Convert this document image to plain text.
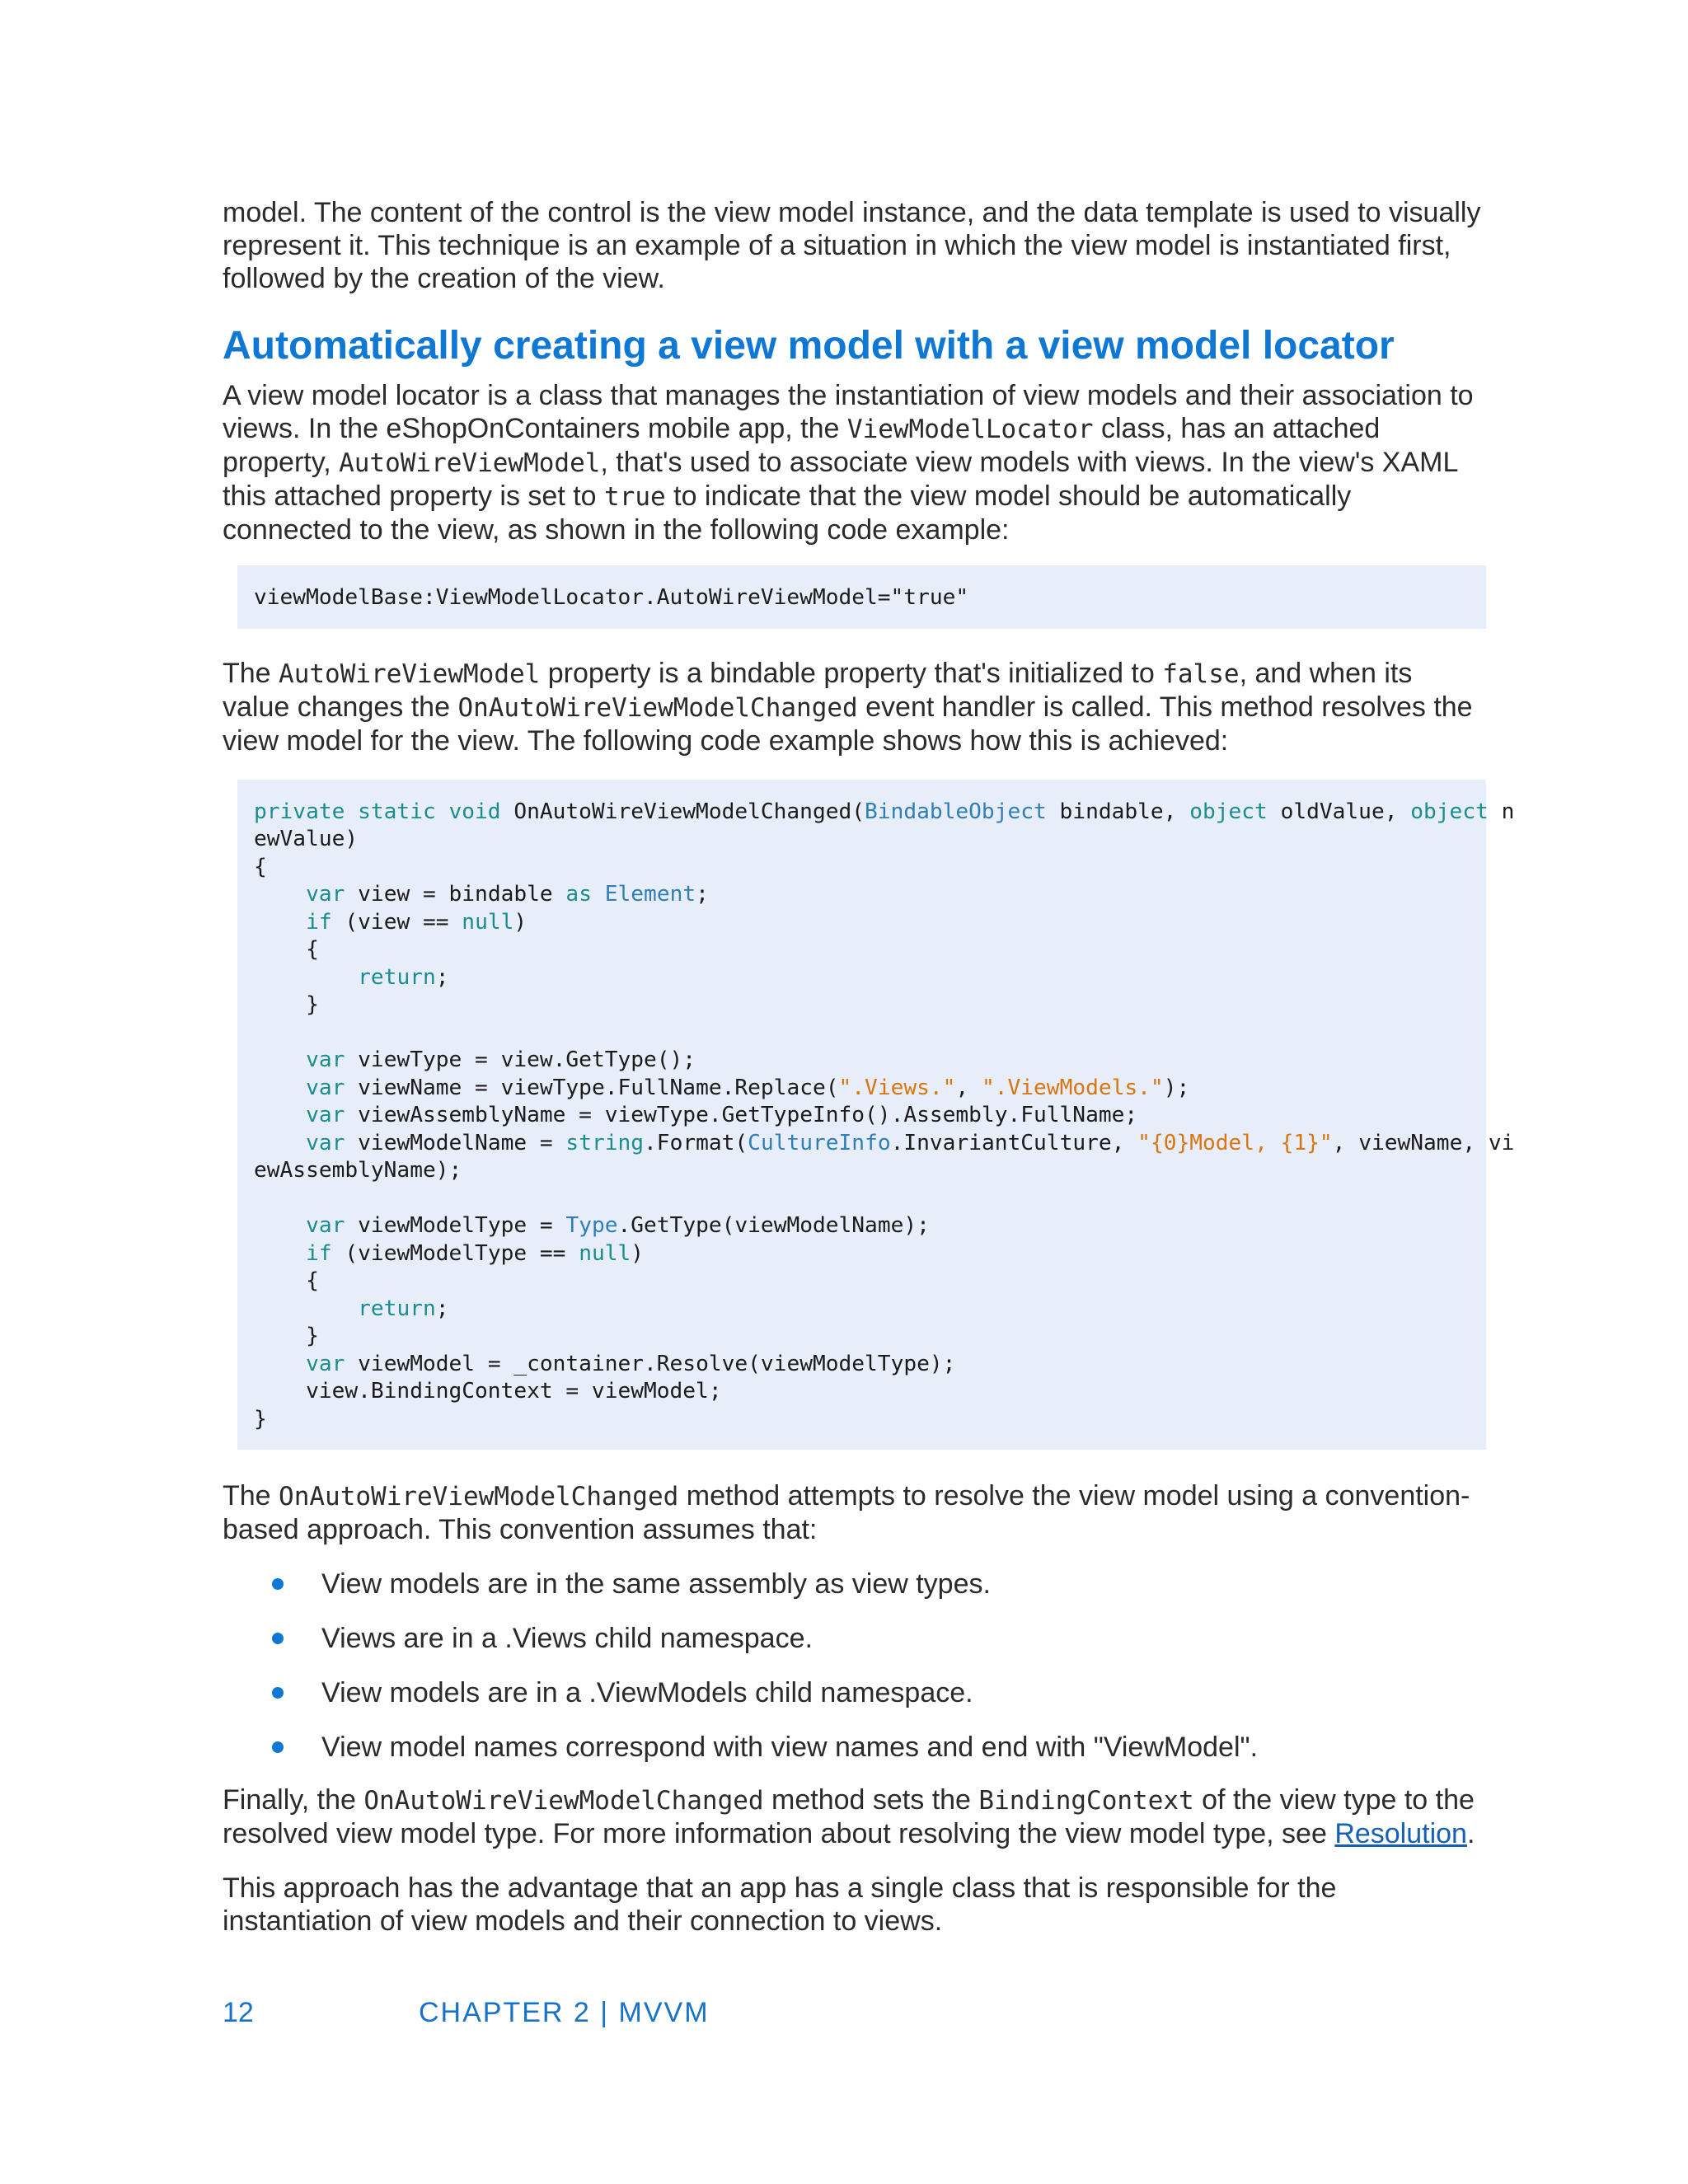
model. The content of the control is the view model instance, and the data template is used to visually represent it. This technique is an example of a situation in which the view model is instantiated first, followed by the creation of the view.

Automatically creating a view model with a view model locator

A view model locator is a class that manages the instantiation of view models and their association to views. In the eShopOnContainers mobile app, the ViewModelLocator class, has an attached property, AutoWireViewModel, that's used to associate view models with views. In the view's XAML this attached property is set to true to indicate that the view model should be automatically connected to the view, as shown in the following code example:

viewModelBase:ViewModelLocator.AutoWireViewModel="true"

The AutoWireViewModel property is a bindable property that's initialized to false, and when its value changes the OnAutoWireViewModelChanged event handler is called. This method resolves the view model for the view. The following code example shows how this is achieved:

private static void OnAutoWireViewModelChanged(BindableObject bindable, object oldValue, object n
ewValue)
{
var view = bindable as Element;
if (view == null)
{
return;
}

var viewType = view.GetType();
var viewName = viewType.FullName.Replace(".Views.", ".ViewModels.");
var viewAssemblyName = viewType.GetTypeInfo().Assembly.FullName;
var viewModelName = string.Format(CultureInfo.InvariantCulture, "{0}Model, {1}", viewName, vi
ewAssemblyName);

var viewModelType = Type.GetType(viewModelName);
if (viewModelType == null)
{
return;
}
var viewModel = _container.Resolve(viewModelType);
view.BindingContext = viewModel;
}

The OnAutoWireViewModelChanged method attempts to resolve the view model using a convention-based approach. This convention assumes that:

View models are in the same assembly as view types.
Views are in a .Views child namespace.
View models are in a .ViewModels child namespace.
View model names correspond with view names and end with "ViewModel".

Finally, the OnAutoWireViewModelChanged method sets the BindingContext of the view type to the resolved view model type. For more information about resolving the view model type, see Resolution.

This approach has the advantage that an app has a single class that is responsible for the instantiation of view models and their connection to views.

12	CHAPTER 2 | MVVM
